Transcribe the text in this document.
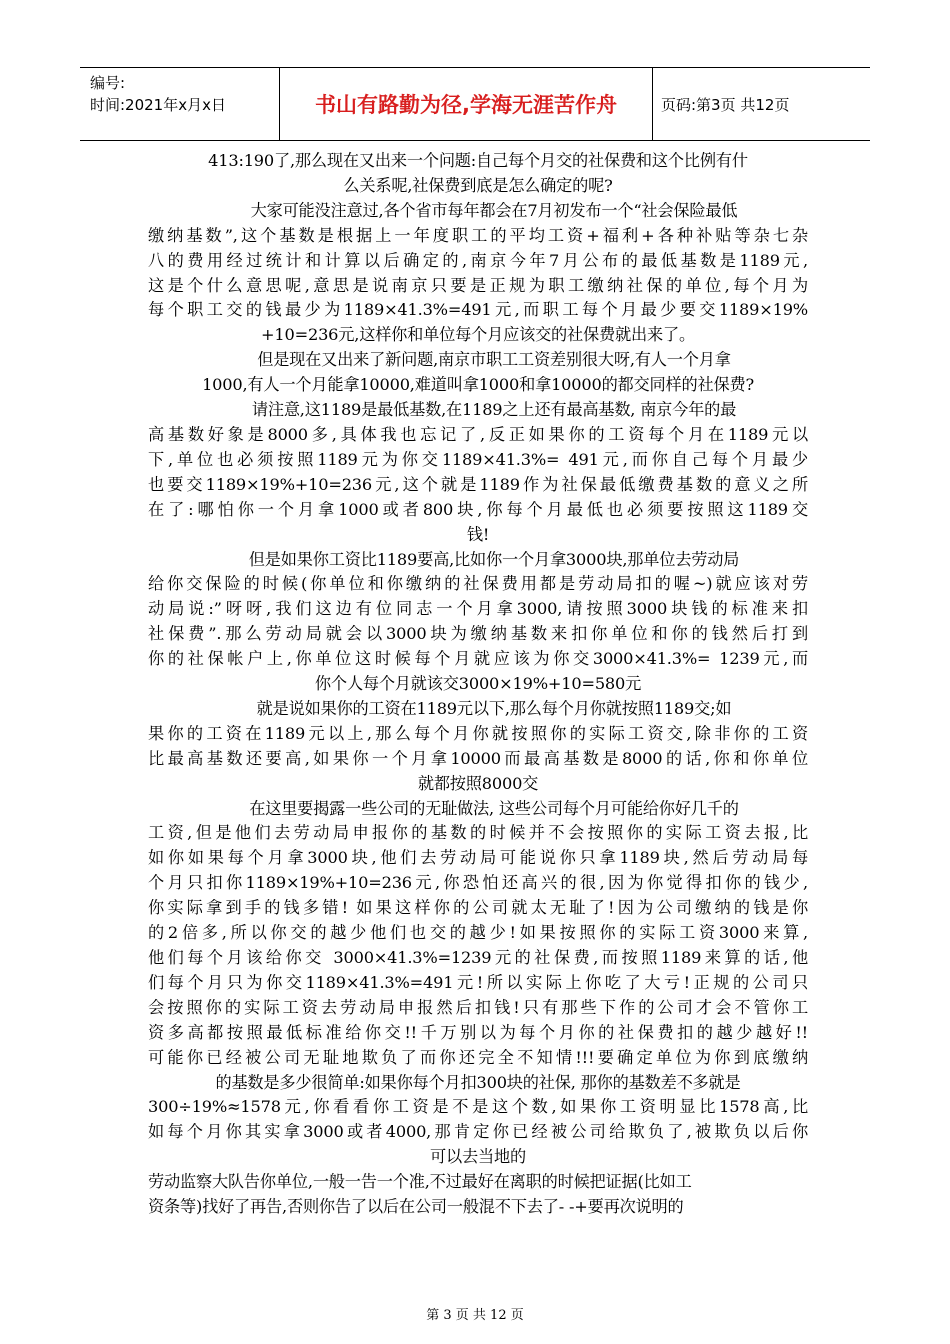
编号:
时间:2021年x月x日	书山有路勤为径,学海无涯苦作舟	页码:第3页 共12页

413:190了,那么现在又出来一个问题:自己每个月交的社保费和这个比例有什

么关系呢,社保费到底是怎么确定的呢?

　　大家可能没注意过,各个省市每年都会在7月初发布一个“社会保险最低

缴纳基数”,这个基数是根据上一年度职工的平均工资+福利+各种补贴等杂七杂

八的费用经过统计和计算以后确定的,南京今年7月公布的最低基数是1189元,

这是个什么意思呢,意思是说南京只要是正规为职工缴纳社保的单位,每个月为

每个职工交的钱最少为1189×41.3%=491元,而职工每个月最少要交1189×19%

+10=236元,这样你和单位每个月应该交的社保费就出来了。

　　但是现在又出来了新问题,南京市职工工资差别很大呀,有人一个月拿

1000,有人一个月能拿10000,难道叫拿1000和拿10000的都交同样的社保费?

　　请注意,这1189是最低基数,在1189之上还有最高基数, 南京今年的最

高基数好象是8000多,具体我也忘记了,反正如果你的工资每个月在1189元以

下,单位也必须按照1189元为你交1189×41.3%= 491元,而你自己每个月最少

也要交1189×19%+10=236元,这个就是1189作为社保最低缴费基数的意义之所

在了:哪怕你一个月拿1000或者800块,你每个月最低也必须要按照这1189交

钱!

　　但是如果你工资比1189要高,比如你一个月拿3000块,那单位去劳动局

给你交保险的时候(你单位和你缴纳的社保费用都是劳动局扣的喔~)就应该对劳

动局说:”呀呀,我们这边有位同志一个月拿3000,请按照3000块钱的标准来扣

社保费”.那么劳动局就会以3000块为缴纳基数来扣你单位和你的钱然后打到

你的社保帐户上,你单位这时候每个月就应该为你交3000×41.3%= 1239元,而

你个人每个月就该交3000×19%+10=580元

　　就是说如果你的工资在1189元以下,那么每个月你就按照1189交;如

果你的工资在1189元以上,那么每个月你就按照你的实际工资交,除非你的工资

比最高基数还要高,如果你一个月拿10000而最高基数是8000的话,你和你单位

就都按照8000交

　　在这里要揭露一些公司的无耻做法, 这些公司每个月可能给你好几千的

工资,但是他们去劳动局申报你的基数的时候并不会按照你的实际工资去报,比

如你如果每个月拿3000块,他们去劳动局可能说你只拿1189块,然后劳动局每

个月只扣你1189×19%+10=236元,你恐怕还高兴的很,因为你觉得扣你的钱少,

你实际拿到手的钱多错! 如果这样你的公司就太无耻了!因为公司缴纳的钱是你

的2倍多,所以你交的越少他们也交的越少!如果按照你的实际工资3000来算,

他们每个月该给你交 3000×41.3%=1239元的社保费,而按照1189来算的话,他

们每个月只为你交1189×41.3%=491元!所以实际上你吃了大亏!正规的公司只

会按照你的实际工资去劳动局申报然后扣钱!只有那些下作的公司才会不管你工

资多高都按照最低标准给你交!!千万别以为每个月你的社保费扣的越少越好!!

可能你已经被公司无耻地欺负了而你还完全不知情!!!要确定单位为你到底缴纳

的基数是多少很简单:如果你每个月扣300块的社保, 那你的基数差不多就是

300÷19%≈1578元,你看看你工资是不是这个数,如果你工资明显比1578高,比

如每个月你其实拿3000或者4000,那肯定你已经被公司给欺负了,被欺负以后你

可以去当地的

劳动监察大队告你单位,一般一告一个准,不过最好在离职的时候把证据(比如工

资条等)找好了再告,否则你告了以后在公司一般混不下去了- -+要再次说明的

第 3 页 共 12 页
